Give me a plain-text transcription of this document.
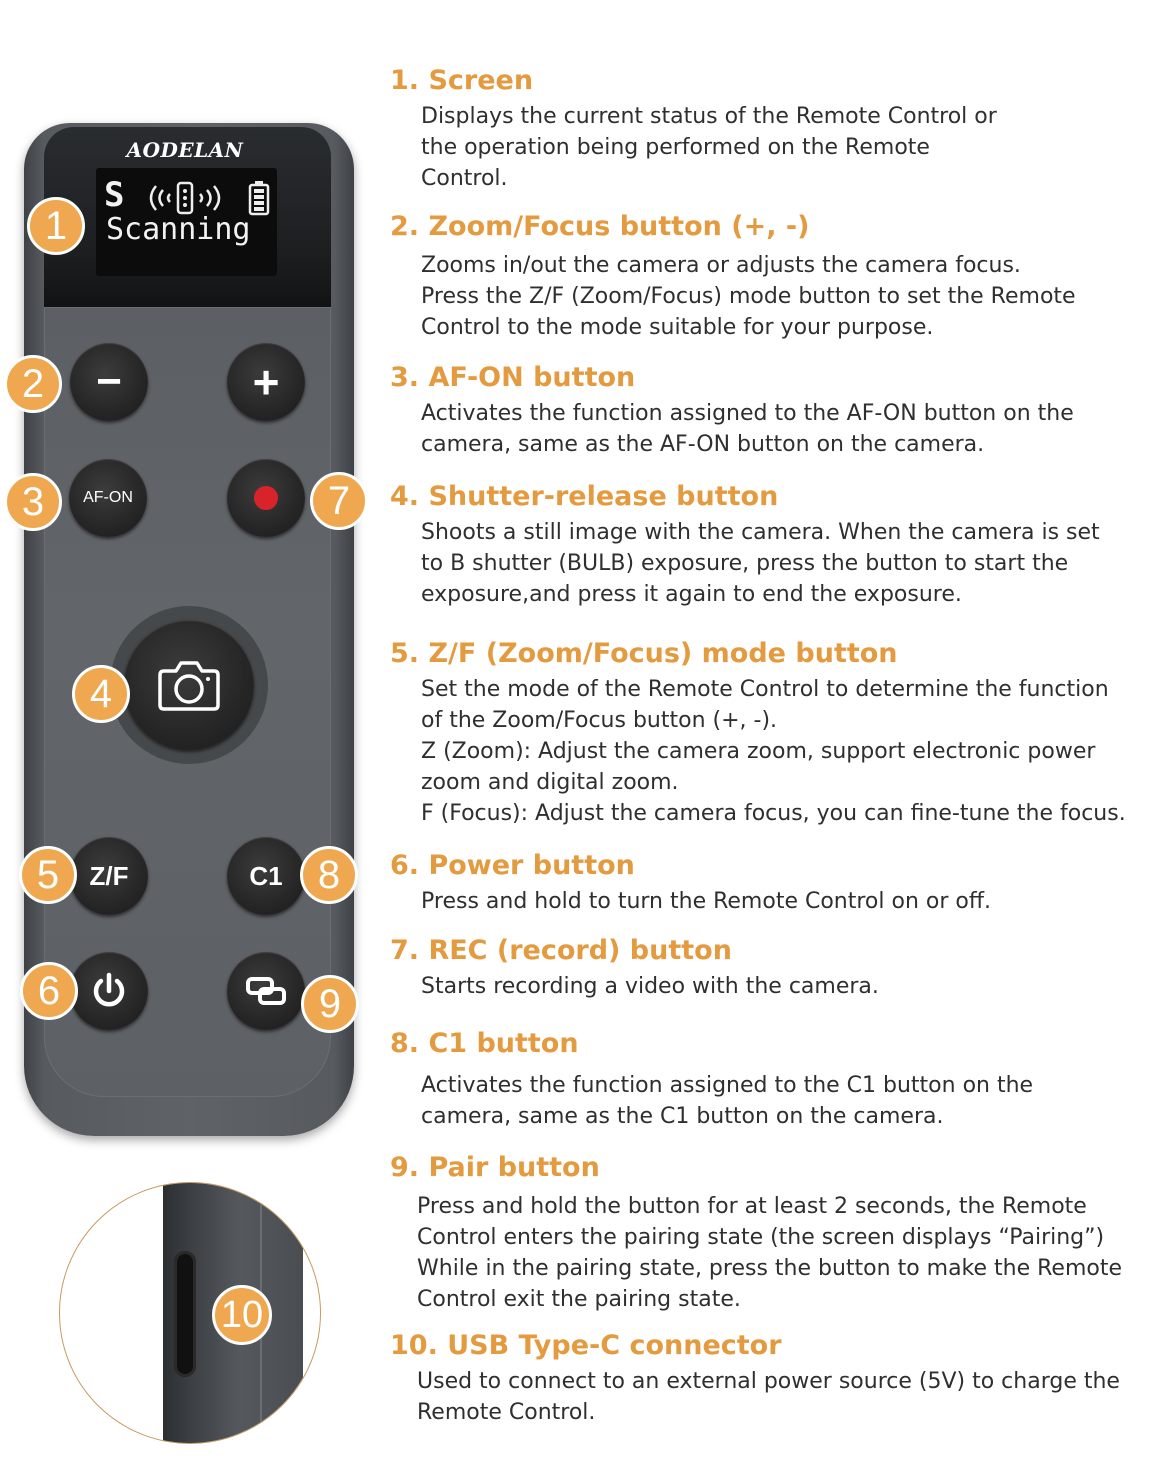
AODELAN
S
Scanning
−	+
AF-ON
Z/F	C1
1
2
3
4
5
6
7
8
9
10
1. Screen

Displays the current status of the Remote Control or
the operation being performed on the Remote
Control.

2. Zoom/Focus button (+, -)

Zooms in/out the camera or adjusts the camera focus.
Press the Z/F (Zoom/Focus) mode button to set the Remote
Control to the mode suitable for your purpose.

3. AF-ON button

Activates the function assigned to the AF-ON button on the
camera, same as the AF-ON button on the camera.

4. Shutter-release button

Shoots a still image with the camera. When the camera is set
to B shutter (BULB) exposure, press the button to start the
exposure,and press it again to end the exposure.

5. Z/F (Zoom/Focus) mode button

Set the mode of the Remote Control to determine the function
of the Zoom/Focus button (+, -).
Z (Zoom): Adjust the camera zoom, support electronic power
zoom and digital zoom.
F (Focus): Adjust the camera focus, you can fine-tune the focus.

6. Power button

Press and hold to turn the Remote Control on or off.

7. REC (record) button

Starts recording a video with the camera.

8. C1 button

Activates the function assigned to the C1 button on the
camera, same as the C1 button on the camera.

9. Pair button

Press and hold the button for at least 2 seconds, the Remote
Control enters the pairing state (the screen displays “Pairing”)
While in the pairing state, press the button to make the Remote
Control exit the pairing state.

10. USB Type-C connector

Used to connect to an external power source (5V) to charge the
Remote Control.
